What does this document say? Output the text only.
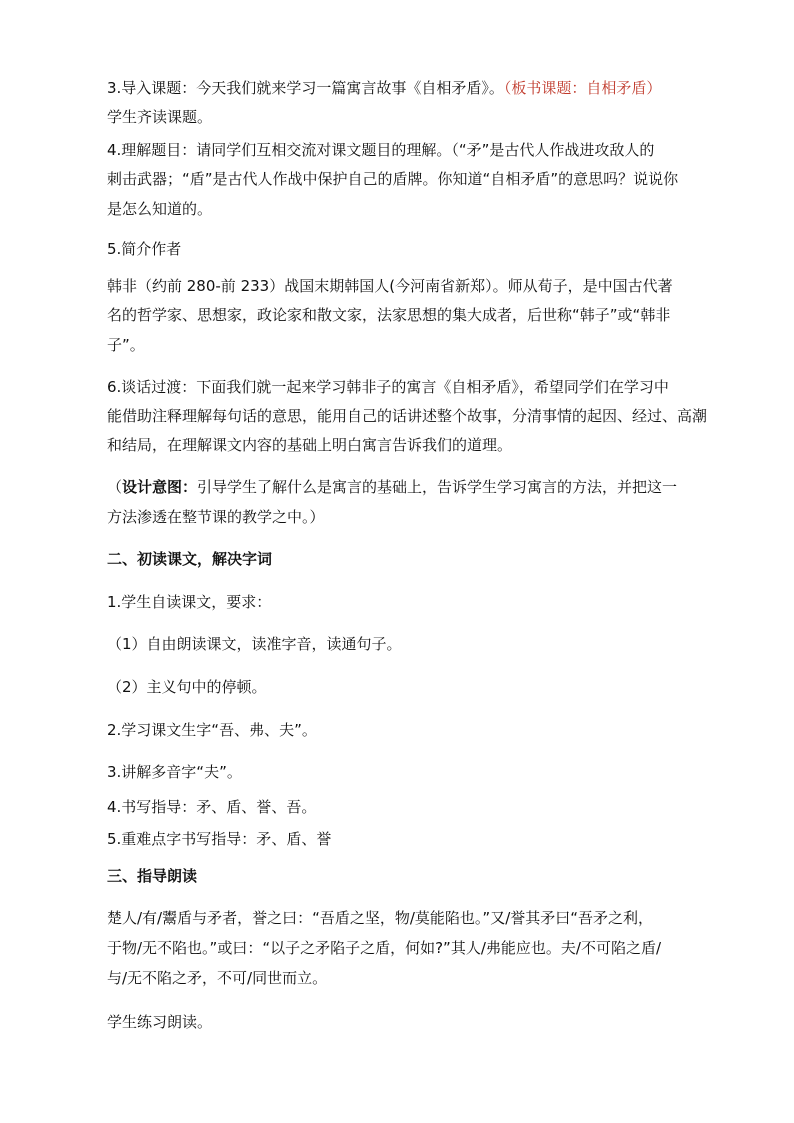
3.导入课题：今天我们就来学习一篇寓言故事《自相矛盾》。（板书课题：自相矛盾）
学生齐读课题。
4.理解题目：请同学们互相交流对课文题目的理解。（“矛”是古代人作战进攻敌人的
刺击武器；“盾”是古代人作战中保护自己的盾牌。你知道“自相矛盾”的意思吗？说说你
是怎么知道的。
5.简介作者
韩非（约前 280-前 233）战国末期韩国人(今河南省新郑）。师从荀子，是中国古代著
名的哲学家、思想家，政论家和散文家，法家思想的集大成者，后世称“韩子”或“韩非
子”。
6.谈话过渡：下面我们就一起来学习韩非子的寓言《自相矛盾》，希望同学们在学习中
能借助注释理解每句话的意思，能用自己的话讲述整个故事，分清事情的起因、经过、高潮
和结局，在理解课文内容的基础上明白寓言告诉我们的道理。
（设计意图：引导学生了解什么是寓言的基础上，告诉学生学习寓言的方法，并把这一
方法渗透在整节课的教学之中。）
二、初读课文，解决字词
1.学生自读课文，要求：
（1）自由朗读课文，读准字音，读通句子。
（2）主义句中的停顿。
2.学习课文生字“吾、弗、夫”。
3.讲解多音字“夫”。
4.书写指导：矛、盾、誉、吾。
5.重难点字书写指导：矛、盾、誉
三、指导朗读
楚人/有/鬻盾与矛者，誉之曰：“吾盾之坚，物/莫能陷也。”又/誉其矛曰“吾矛之利，
于物/无不陷也。”或曰：“以子之矛陷子之盾，何如?”其人/弗能应也。夫/不可陷之盾/
与/无不陷之矛，不可/同世而立。
学生练习朗读。
